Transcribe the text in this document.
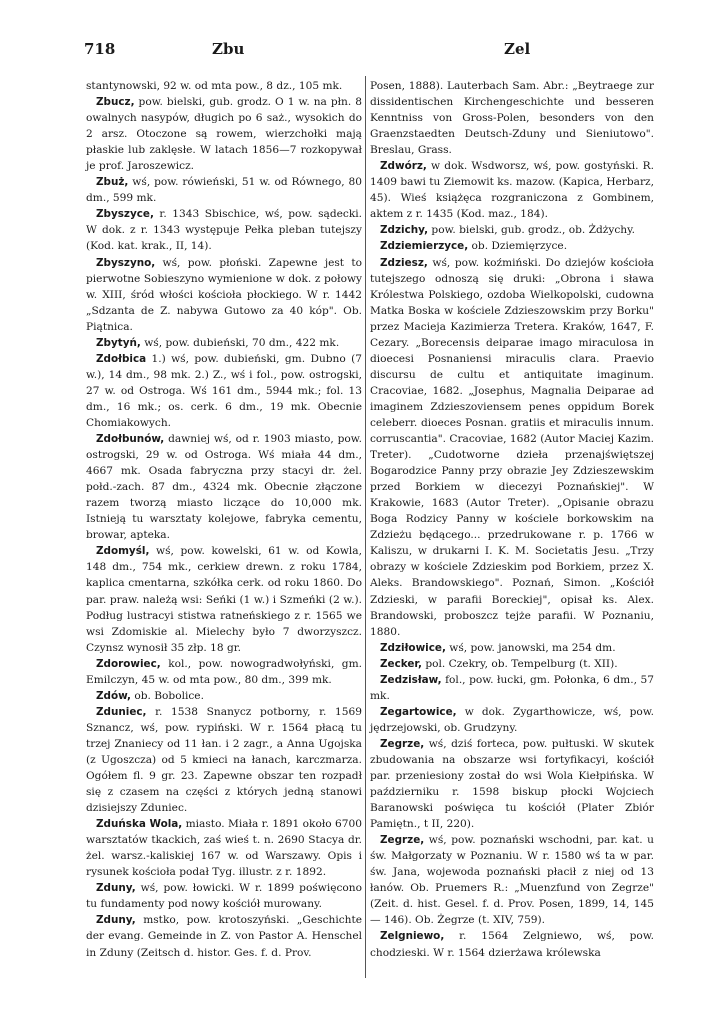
718	Zbu	Zel

stantynowski, 92 w. od mta pow., 8 dz., 105 mk.

Zbucz, pow. bielski, gub. grodz. O 1 w. na płn. 8 owalnych nasypów, długich po 6 saż., wysokich do 2 arsz. Otoczone są rowem, wierzchołki mają płaskie lub zaklęsłe. W latach 1856—7 rozkopywał je prof. Jaroszewicz.

Zbuż, wś, pow. rówieński, 51 w. od Równego, 80 dm., 599 mk.

Zbyszyce, r. 1343 Sbischice, wś, pow. sądecki. W dok. z r. 1343 występuje Pełka pleban tutejszy (Kod. kat. krak., II, 14).

Zbyszyno, wś, pow. płoński. Zapewne jest to pierwotne Sobieszyno wymienione w dok. z połowy w. XIII, śród włości kościoła płockiego. W r. 1442 „Sdzanta de Z. nabywa Gutowo za 40 kóp". Ob. Piątnica.

Zbytyń, wś, pow. dubieński, 70 dm., 422 mk.

Zdołbica 1.) wś, pow. dubieński, gm. Dubno (7 w.), 14 dm., 98 mk. 2.) Z., wś i fol., pow. ostrogski, 27 w. od Ostroga. Wś 161 dm., 5944 mk.; fol. 13 dm., 16 mk.; os. cerk. 6 dm., 19 mk. Obecnie Chomiakowych.

Zdołbunów, dawniej wś, od r. 1903 miasto, pow. ostrogski, 29 w. od Ostroga. Wś miała 44 dm., 4667 mk. Osada fabryczna przy stacyi dr. żel. połd.-zach. 87 dm., 4324 mk. Obecnie złączone razem tworzą miasto liczące do 10,000 mk. Istnieją tu warsztaty kolejowe, fabryka cementu, browar, apteka.

Zdomyśl, wś, pow. kowelski, 61 w. od Kowla, 148 dm., 754 mk., cerkiew drewn. z roku 1784, kaplica cmentarna, szkółka cerk. od roku 1860. Do par. praw. należą wsi: Seńki (1 w.) i Szmeńki (2 w.). Podług lustracyi stistwa ratneńskiego z r. 1565 we wsi Zdomiskie al. Mielechy było 7 dworzyszcz. Czynsz wynosił 35 złp. 18 gr.

Zdorowiec, kol., pow. nowogradwołyński, gm. Emilczyn, 45 w. od mta pow., 80 dm., 399 mk.

Zdów, ob. Bobolice.

Zduniec, r. 1538 Snanycz potborny, r. 1569 Sznancz, wś, pow. rypiński. W r. 1564 płacą tu trzej Znaniecy od 11 łan. i 2 zagr., a Anna Ugojska (z Ugoszcza) od 5 kmieci na łanach, karczmarza. Ogółem fl. 9 gr. 23. Zapewne obszar ten rozpadł się z czasem na części z których jedną stanowi dzisiejszy Zduniec.

Zduńska Wola, miasto. Miała r. 1891 około 6700 warsztatów tkackich, zaś wieś t. n. 2690 Stacya dr. żel. warsz.-kaliskiej 167 w. od Warszawy. Opis i rysunek kościoła podał Tyg. illustr. z r. 1892.

Zduny, wś, pow. łowicki. W r. 1899 poświęcono tu fundamenty pod nowy kościół murowany.

Zduny, mstko, pow. krotoszyński. „Geschichte der evang. Gemeinde in Z. von Pastor A. Henschel in Zduny (Zeitsch d. histor. Ges. f. d. Prov.

Posen, 1888). Lauterbach Sam. Abr.: „Beytraege zur dissidentischen Kirchengeschichte und besseren Kenntniss von Gross-Polen, besonders von den Graenzstaedten Deutsch-Zduny und Sieniutowo". Breslau, Grass.

Zdwórz, w dok. Wsdworsz, wś, pow. gostyński. R. 1409 bawi tu Ziemowit ks. mazow. (Kapica, Herbarz, 45). Wieś książęca rozgraniczona z Gombinem, aktem z r. 1435 (Kod. maz., 184).

Zdzichy, pow. bielski, gub. grodz., ob. Żdżychy.

Zdziemierzyce, ob. Dziemięrzyce.

Zdziesz, wś, pow. koźmiński. Do dziejów kościoła tutejszego odnoszą się druki: „Obrona i sława Królestwa Polskiego, ozdoba Wielkopolski, cudowna Matka Boska w kościele Zdzieszowskim przy Borku" przez Macieja Kazimierza Tretera. Kraków, 1647, F. Cezary. „Borecensis deiparae imago miraculosa in dioecesi Posnaniensi miraculis clara. Praevio discursu de cultu et antiquitate imaginum. Cracoviae, 1682. „Josephus, Magnalia Deiparae ad imaginem Zdzieszoviensem penes oppidum Borek celeberr. dioeces Posnan. gratiis et miraculis innum. corruscantia". Cracoviae, 1682 (Autor Maciej Kazim. Treter). „Cudotworne dzieła przenajświętszej Bogarodzice Panny przy obrazie Jey Zdzieszewskim przed Borkiem w diecezyi Poznańskiej". W Krakowie, 1683 (Autor Treter). „Opisanie obrazu Boga Rodzicy Panny w kościele borkowskim na Zdzieżu będącego... przedrukowane r. p. 1766 w Kaliszu, w drukarni I. K. M. Societatis Jesu. „Trzy obrazy w kościele Zdzieskim pod Borkiem, przez X. Aleks. Brandowskiego". Poznań, Simon. „Kościół Zdzieski, w parafii Boreckiej", opisał ks. Alex. Brandowski, proboszcz tejże parafii. W Poznaniu, 1880.

Zdziłowice, wś, pow. janowski, ma 254 dm.

Zecker, pol. Czekry, ob. Tempelburg (t. XII).

Zedzisław, fol., pow. łucki, gm. Połonka, 6 dm., 57 mk.

Zegartowice, w dok. Zygarthowicze, wś, pow. jędrzejowski, ob. Grudzyny.

Zegrze, wś, dziś forteca, pow. pułtuski. W skutek zbudowania na obszarze wsi fortyfikacyi, kościół par. przeniesiony został do wsi Wola Kiełpińska. W październiku r. 1598 biskup płocki Wojciech Baranowski poświęca tu kościół (Plater Zbiór Pamiętn., t II, 220).

Zegrze, wś, pow. poznański wschodni, par. kat. u św. Małgorzaty w Poznaniu. W r. 1580 wś ta w par. św. Jana, wojewoda poznański płacił z niej od 13 łanów. Ob. Pruemers R.: „Muenzfund von Zegrze" (Zeit. d. hist. Gesel. f. d. Prov. Posen, 1899, 14, 145 — 146). Ob. Żegrze (t. XIV, 759).

Zelgniewo, r. 1564 Zelgniewo, wś, pow. chodzieski. W r. 1564 dzierżawa królewska
